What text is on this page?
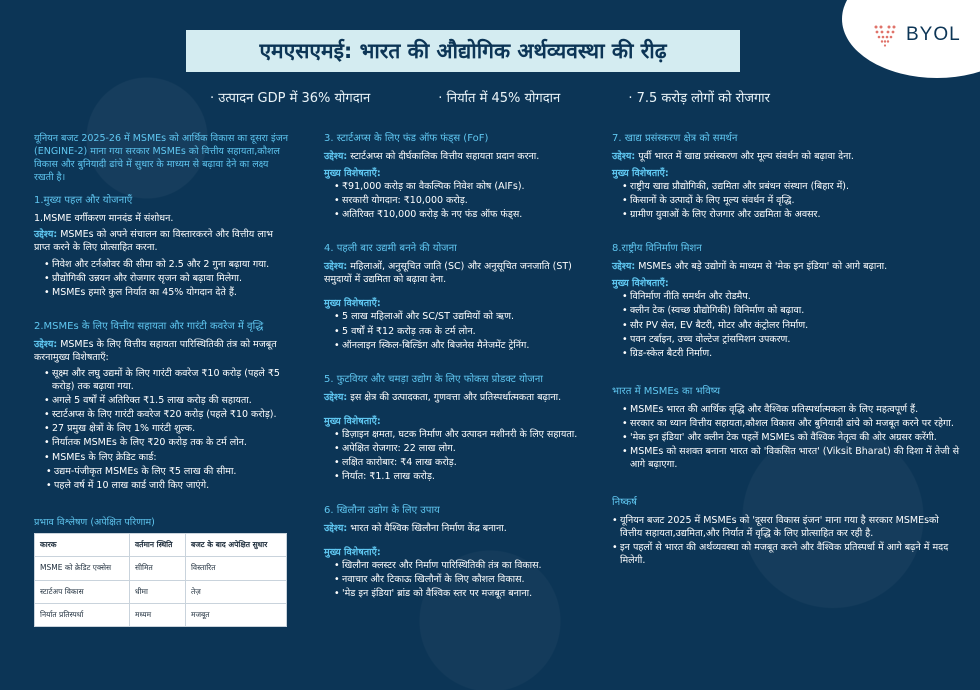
BYOL
एमएसएमई: भारत की औद्योगिक अर्थव्यवस्था की रीढ़
· उत्पादन GDP में 36% योगदान	· निर्यात में 45% योगदान	· 7.5 करोड़ लोगों को रोजगार

यूनियन बजट 2025-26 में MSMEs को आर्थिक विकास का दूसरा इंजन (ENGINE-2) माना गया सरकार MSMEs को वित्तीय सहायता,कौशल विकास और बुनियादी ढांचे में सुधार के माध्यम से बढ़ावा देने का लक्ष्य रखती है।

1.मुख्य पहल और योजनाएँ

1.MSME वर्गीकरण मानदंड में संशोधन.

उद्देश्य: MSMEs को अपने संचालन का विस्तारकरने और वित्तीय लाभ प्राप्त करने के लिए प्रोत्साहित करना.

• निवेश और टर्नओवर की सीमा को 2.5 और 2 गुना बढ़ाया गया.
• प्रौद्योगिकी उन्नयन और रोजगार सृजन को बढ़ावा मिलेगा.
• MSMEs हमारे कुल निर्यात का 45% योगदान देते हैं.
2.MSMEs के लिए वित्तीय सहायता और गारंटी कवरेज में वृद्धि

उद्देश्य: MSMEs के लिए वित्तीय सहायता पारिस्थितिकी तंत्र को मजबूत करनामुख्य विशेषताएँ:

• सूक्ष्म और लघु उद्यमों के लिए गारंटी कवरेज ₹10 करोड़ (पहले ₹5 करोड़) तक बढ़ाया गया.
• अगले 5 वर्षों में अतिरिक्त ₹1.5 लाख करोड़ की सहायता.
• स्टार्टअप्स के लिए गारंटी कवरेज ₹20 करोड़ (पहले ₹10 करोड़).
• 27 प्रमुख क्षेत्रों के लिए 1% गारंटी शुल्क.
• निर्यातक MSMEs के लिए ₹20 करोड़ तक के टर्म लोन.
• MSMEs के लिए क्रेडिट कार्ड:
• उद्यम-पंजीकृत MSMEs के लिए ₹5 लाख की सीमा.
• पहले वर्ष में 10 लाख कार्ड जारी किए जाएंगे.
प्रभाव विश्लेषण (अपेक्षित परिणाम)
कारक	वर्तमान स्थिति	बजट के बाद अपेक्षित सुधार
MSME को क्रेडिट एक्सेस	सीमित	विस्तारित
स्टार्टअप विकास	धीमा	तेज़
निर्यात प्रतिस्पर्धा	मध्यम	मजबूत
3. स्टार्टअप्स के लिए फंड ऑफ फंड्स (FoF)

उद्देश्य: स्टार्टअप्स को दीर्घकालिक वित्तीय सहायता प्रदान करना.

मुख्य विशेषताएँ:
• ₹91,000 करोड़ का वैकल्पिक निवेश कोष (AIFs).
• सरकारी योगदान: ₹10,000 करोड़.
• अतिरिक्त ₹10,000 करोड़ के नए फंड ऑफ फंड्स.
4. पहली बार उद्यमी बनने की योजना

उद्देश्य: महिलाओं, अनुसूचित जाति (SC) और अनुसूचित जनजाति (ST) समुदायों में उद्यमिता को बढ़ावा देना.

मुख्य विशेषताएँ:
• 5 लाख महिलाओं और SC/ST उद्यमियों को ऋण.
• 5 वर्षों में ₹12 करोड़ तक के टर्म लोन.
• ऑनलाइन स्किल-बिल्डिंग और बिजनेस मैनेजमेंट ट्रेनिंग.
5. फुटवियर और चमड़ा उद्योग के लिए फोकस प्रोडक्ट योजना

उद्देश्य: इस क्षेत्र की उत्पादकता, गुणवत्ता और प्रतिस्पर्धात्मकता बढ़ाना.

मुख्य विशेषताएँ:
• डिज़ाइन क्षमता, घटक निर्माण और उत्पादन मशीनरी के लिए सहायता.
• अपेक्षित रोजगार: 22 लाख लोग.
• लक्षित कारोबार: ₹4 लाख करोड़.
• निर्यात: ₹1.1 लाख करोड़.
6. खिलौना उद्योग के लिए उपाय

उद्देश्य: भारत को वैश्विक खिलौना निर्माण केंद्र बनाना.

मुख्य विशेषताएँ:
• खिलौना क्लस्टर और निर्माण पारिस्थितिकी तंत्र का विकास.
• नवाचार और टिकाऊ खिलौनों के लिए कौशल विकास.
• 'मेड इन इंडिया' ब्रांड को वैश्विक स्तर पर मजबूत बनाना.
7. खाद्य प्रसंस्करण क्षेत्र को समर्थन

उद्देश्य: पूर्वी भारत में खाद्य प्रसंस्करण और मूल्य संवर्धन को बढ़ावा देना.

मुख्य विशेषताएँ:
• राष्ट्रीय खाद्य प्रौद्योगिकी, उद्यमिता और प्रबंधन संस्थान (बिहार में).
• किसानों के उत्पादों के लिए मूल्य संवर्धन में वृद्धि.
• ग्रामीण युवाओं के लिए रोजगार और उद्यमिता के अवसर.
8.राष्ट्रीय विनिर्माण मिशन

उद्देश्य: MSMEs और बड़े उद्योगों के माध्यम से 'मेक इन इंडिया' को आगे बढ़ाना.

मुख्य विशेषताएँ:
• विनिर्माण नीति समर्थन और रोडमैप.
• क्लीन टेक (स्वच्छ प्रौद्योगिकी) विनिर्माण को बढ़ावा.
• सौर PV सेल, EV बैटरी, मोटर और कंट्रोलर निर्माण.
• पवन टर्बाइन, उच्च वोल्टेज ट्रांसमिशन उपकरण.
• ग्रिड-स्केल बैटरी निर्माण.
भारत में MSMEs का भविष्य
• MSMEs भारत की आर्थिक वृद्धि और वैश्विक प्रतिस्पर्धात्मकता के लिए महत्वपूर्ण हैं.
• सरकार का ध्यान वित्तीय सहायता,कौशल विकास और बुनियादी ढांचे को मजबूत करने पर रहेगा.
• 'मेक इन इंडिया' और क्लीन टेक पहलें MSMEs को वैश्विक नेतृत्व की ओर अग्रसर करेंगी.
• MSMEs को सशक्त बनाना भारत को 'विकसित भारत' (Viksit Bharat) की दिशा में तेजी से आगे बढ़ाएगा.
निष्कर्ष
• यूनियन बजट 2025 में MSMEs को 'दूसरा विकास इंजन' माना गया है सरकार MSMEsको वित्तीय सहायता,उद्यमिता,और निर्यात में वृद्धि के लिए प्रोत्साहित कर रही है.
• इन पहलों से भारत की अर्थव्यवस्था को मजबूत करने और वैश्विक प्रतिस्पर्धा में आगे बढ़ने में मदद मिलेगी.
